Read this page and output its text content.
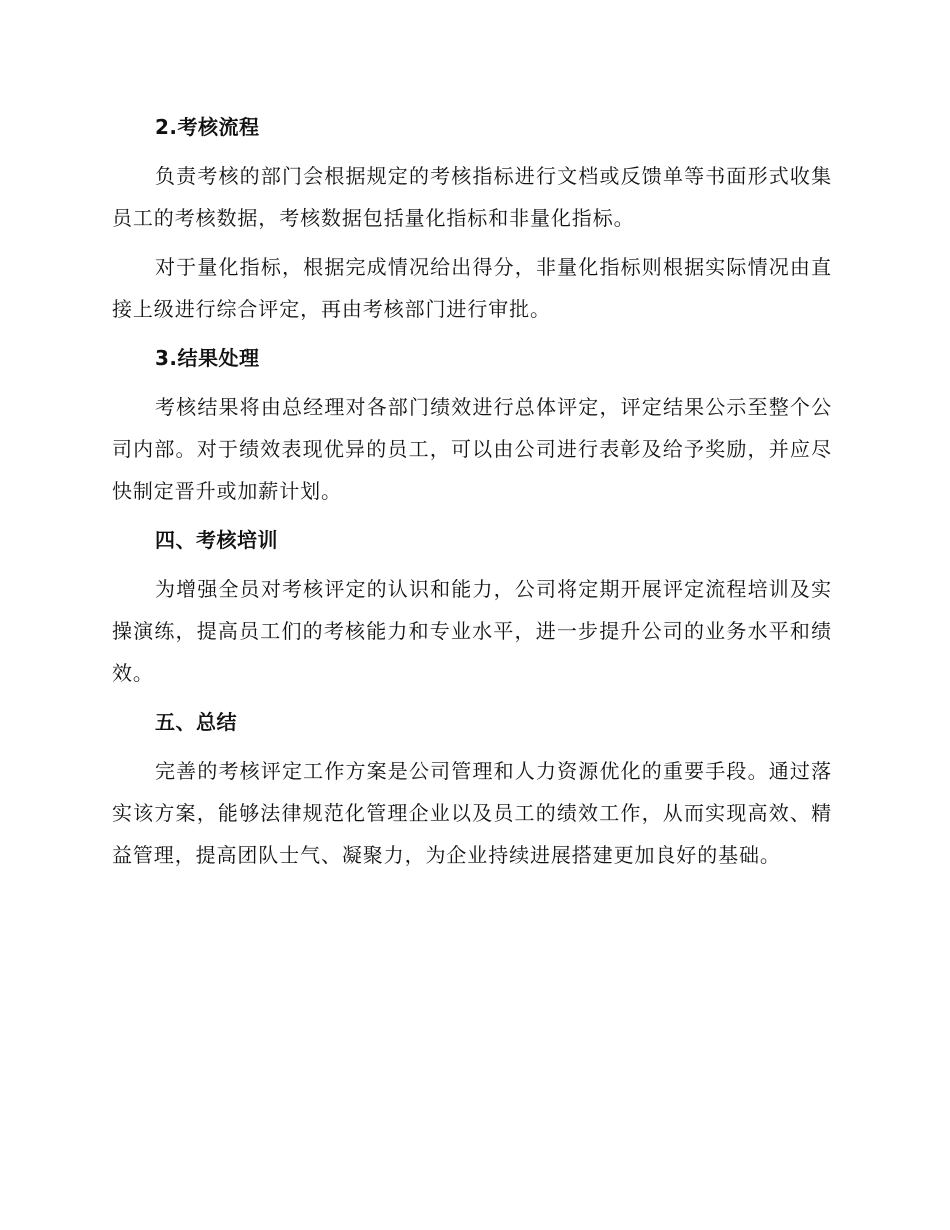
2.考核流程

负责考核的部门会根据规定的考核指标进行文档或反馈单等书面形式收集员工的考核数据，考核数据包括量化指标和非量化指标。

对于量化指标，根据完成情况给出得分，非量化指标则根据实际情况由直接上级进行综合评定，再由考核部门进行审批。

3.结果处理

考核结果将由总经理对各部门绩效进行总体评定，评定结果公示至整个公司内部。对于绩效表现优异的员工，可以由公司进行表彰及给予奖励，并应尽快制定晋升或加薪计划。

四、考核培训

为增强全员对考核评定的认识和能力，公司将定期开展评定流程培训及实操演练，提高员工们的考核能力和专业水平，进一步提升公司的业务水平和绩效。

五、总结

完善的考核评定工作方案是公司管理和人力资源优化的重要手段。通过落实该方案，能够法律规范化管理企业以及员工的绩效工作，从而实现高效、精益管理，提高团队士气、凝聚力，为企业持续进展搭建更加良好的基础。
